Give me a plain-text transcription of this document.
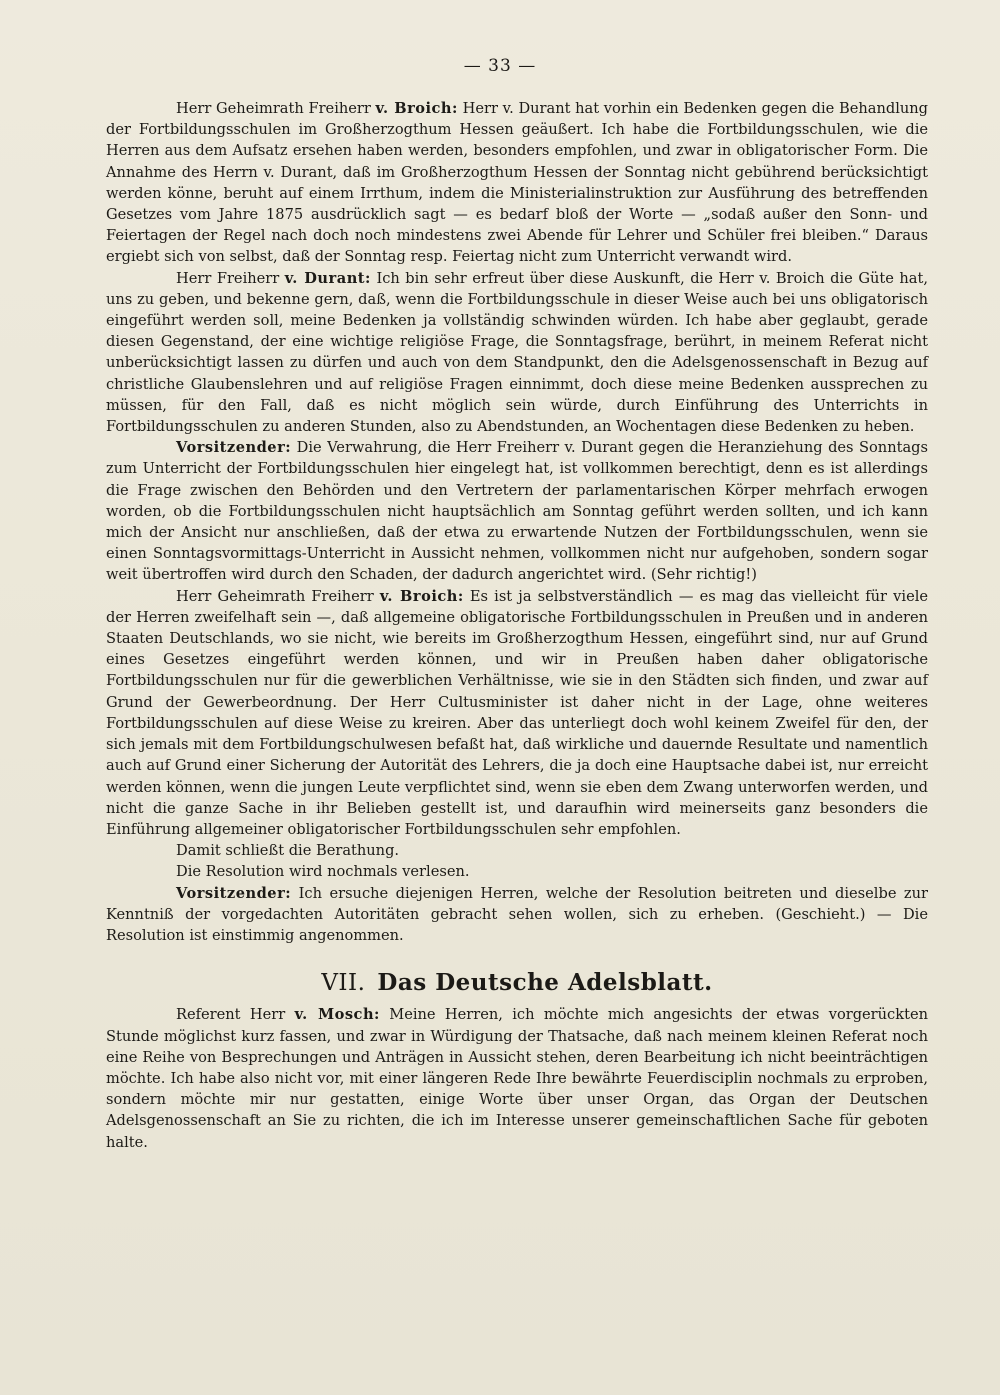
— 33 —

Herr Geheimrath Freiherr v. Broich: Herr v. Durant hat vorhin ein Bedenken gegen die Behandlung der Fortbildungsschulen im Großherzogthum Hessen geäußert. Ich habe die Fortbildungsschulen, wie die Herren aus dem Aufsatz ersehen haben werden, besonders empfohlen, und zwar in obligatorischer Form. Die Annahme des Herrn v. Durant, daß im Großherzogthum Hessen der Sonntag nicht gebührend berücksichtigt werden könne, beruht auf einem Irrthum, indem die Ministerialinstruktion zur Ausführung des betreffenden Gesetzes vom Jahre 1875 ausdrücklich sagt — es bedarf bloß der Worte — „sodaß außer den Sonn- und Feiertagen der Regel nach doch noch mindestens zwei Abende für Lehrer und Schüler frei bleiben.“ Daraus ergiebt sich von selbst, daß der Sonntag resp. Feiertag nicht zum Unterricht verwandt wird.

Herr Freiherr v. Durant: Ich bin sehr erfreut über diese Auskunft, die Herr v. Broich die Güte hat, uns zu geben, und bekenne gern, daß, wenn die Fortbildungsschule in dieser Weise auch bei uns obligatorisch eingeführt werden soll, meine Bedenken ja vollständig schwinden würden. Ich habe aber geglaubt, gerade diesen Gegenstand, der eine wichtige religiöse Frage, die Sonntagsfrage, berührt, in meinem Referat nicht unberücksichtigt lassen zu dürfen und auch von dem Standpunkt, den die Adelsgenossenschaft in Bezug auf christliche Glaubenslehren und auf religiöse Fragen einnimmt, doch diese meine Bedenken aussprechen zu müssen, für den Fall, daß es nicht möglich sein würde, durch Einführung des Unterrichts in Fortbildungsschulen zu anderen Stunden, also zu Abendstunden, an Wochentagen diese Bedenken zu heben.

Vorsitzender: Die Verwahrung, die Herr Freiherr v. Durant gegen die Heranziehung des Sonntags zum Unterricht der Fortbildungsschulen hier eingelegt hat, ist vollkommen berechtigt, denn es ist allerdings die Frage zwischen den Behörden und den Vertretern der parlamentarischen Körper mehrfach erwogen worden, ob die Fortbildungsschulen nicht hauptsächlich am Sonntag geführt werden sollten, und ich kann mich der Ansicht nur anschließen, daß der etwa zu erwartende Nutzen der Fortbildungsschulen, wenn sie einen Sonntagsvormittags-Unterricht in Aussicht nehmen, vollkommen nicht nur aufgehoben, sondern sogar weit übertroffen wird durch den Schaden, der dadurch angerichtet wird. (Sehr richtig!)

Herr Geheimrath Freiherr v. Broich: Es ist ja selbstverständlich — es mag das vielleicht für viele der Herren zweifelhaft sein —, daß allgemeine obligatorische Fortbildungsschulen in Preußen und in anderen Staaten Deutschlands, wo sie nicht, wie bereits im Großherzogthum Hessen, eingeführt sind, nur auf Grund eines Gesetzes eingeführt werden können, und wir in Preußen haben daher obligatorische Fortbildungsschulen nur für die gewerblichen Verhältnisse, wie sie in den Städten sich finden, und zwar auf Grund der Gewerbeordnung. Der Herr Cultusminister ist daher nicht in der Lage, ohne weiteres Fortbildungsschulen auf diese Weise zu kreiren. Aber das unterliegt doch wohl keinem Zweifel für den, der sich jemals mit dem Fortbildungschulwesen befaßt hat, daß wirkliche und dauernde Resultate und namentlich auch auf Grund einer Sicherung der Autorität des Lehrers, die ja doch eine Hauptsache dabei ist, nur erreicht werden können, wenn die jungen Leute verpflichtet sind, wenn sie eben dem Zwang unterworfen werden, und nicht die ganze Sache in ihr Belieben gestellt ist, und daraufhin wird meinerseits ganz besonders die Einführung allgemeiner obligatorischer Fortbildungsschulen sehr empfohlen.

Damit schließt die Berathung.

Die Resolution wird nochmals verlesen.

Vorsitzender: Ich ersuche diejenigen Herren, welche der Resolution beitreten und dieselbe zur Kenntniß der vorgedachten Autoritäten gebracht sehen wollen, sich zu erheben. (Geschieht.) — Die Resolution ist einstimmig angenommen.

VII. Das Deutsche Adelsblatt.

Referent Herr v. Mosch: Meine Herren, ich möchte mich angesichts der etwas vorgerückten Stunde möglichst kurz fassen, und zwar in Würdigung der Thatsache, daß nach meinem kleinen Referat noch eine Reihe von Besprechungen und Anträgen in Aussicht stehen, deren Bearbeitung ich nicht beeinträchtigen möchte. Ich habe also nicht vor, mit einer längeren Rede Ihre bewährte Feuerdisciplin nochmals zu erproben, sondern möchte mir nur gestatten, einige Worte über unser Organ, das Organ der Deutschen Adelsgenossenschaft an Sie zu richten, die ich im Interesse unserer gemeinschaftlichen Sache für geboten halte.
